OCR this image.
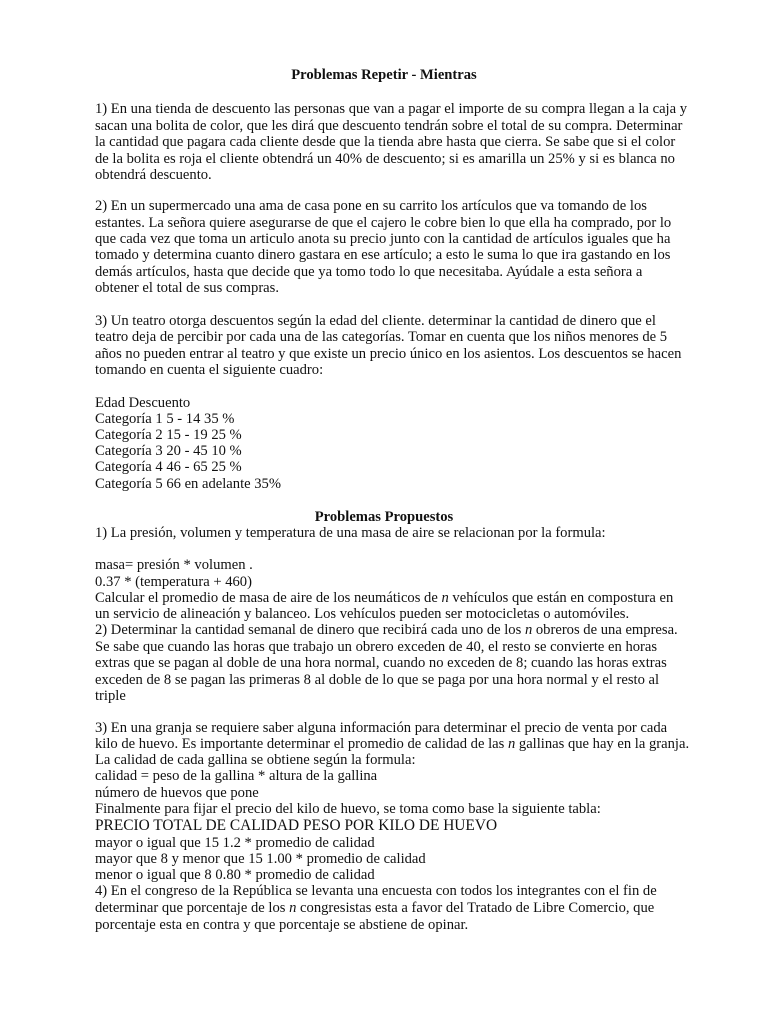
Problemas Repetir - Mientras
1) En una tienda de descuento las personas que van a pagar el importe de su compra llegan a la caja y
sacan una bolita de color, que les dirá que descuento tendrán sobre el total de su compra. Determinar
la cantidad que pagara cada cliente desde que la tienda abre hasta que cierra. Se sabe que si el color
de la bolita es roja el cliente obtendrá un 40% de descuento; si es amarilla un 25% y si es blanca no
obtendrá descuento.
2) En un supermercado una ama de casa pone en su carrito los artículos que va tomando de los
estantes. La señora quiere asegurarse de que el cajero le cobre bien lo que ella ha comprado, por lo
que cada vez que toma un articulo anota su precio junto con la cantidad de artículos iguales que ha
tomado y determina cuanto dinero gastara en ese artículo; a esto le suma lo que ira gastando en los
demás artículos, hasta que decide que ya tomo todo lo que necesitaba. Ayúdale a esta señora a
obtener el total de sus compras.
3) Un teatro otorga descuentos según la edad del cliente. determinar la cantidad de dinero que el
teatro deja de percibir por cada una de las categorías. Tomar en cuenta que los niños menores de 5
años no pueden entrar al teatro y que existe un precio único en los asientos. Los descuentos se hacen
tomando en cuenta el siguiente cuadro:
Edad Descuento
Categoría 1 5 - 14 35 %
Categoría 2 15 - 19 25 %
Categoría 3 20 - 45 10 %
Categoría 4 46 - 65 25 %
Categoría 5 66 en adelante 35%
Problemas Propuestos
1) La presión, volumen y temperatura de una masa de aire se relacionan por la formula:
masa= presión * volumen .
0.37 * (temperatura + 460)
Calcular el promedio de masa de aire de los neumáticos de n vehículos que están en compostura en
un servicio de alineación y balanceo. Los vehículos pueden ser motocicletas o automóviles.
2) Determinar la cantidad semanal de dinero que recibirá cada uno de los n obreros de una empresa.
Se sabe que cuando las horas que trabajo un obrero exceden de 40, el resto se convierte en horas
extras que se pagan al doble de una hora normal, cuando no exceden de 8; cuando las horas extras
exceden de 8 se pagan las primeras 8 al doble de lo que se paga por una hora normal y el resto al
triple
3) En una granja se requiere saber alguna información para determinar el precio de venta por cada
kilo de huevo. Es importante determinar el promedio de calidad de las n gallinas que hay en la granja.
La calidad de cada gallina se obtiene según la formula:
calidad = peso de la gallina * altura de la gallina
número de huevos que pone
Finalmente para fijar el precio del kilo de huevo, se toma como base la siguiente tabla:
PRECIO TOTAL DE CALIDAD PESO POR KILO DE HUEVO
mayor o igual que 15 1.2 * promedio de calidad
mayor que 8 y menor que 15 1.00 * promedio de calidad
menor o igual que 8 0.80 * promedio de calidad
4) En el congreso de la República se levanta una encuesta con todos los integrantes con el fin de
determinar que porcentaje de los n congresistas esta a favor del Tratado de Libre Comercio, que
porcentaje esta en contra y que porcentaje se abstiene de opinar.
